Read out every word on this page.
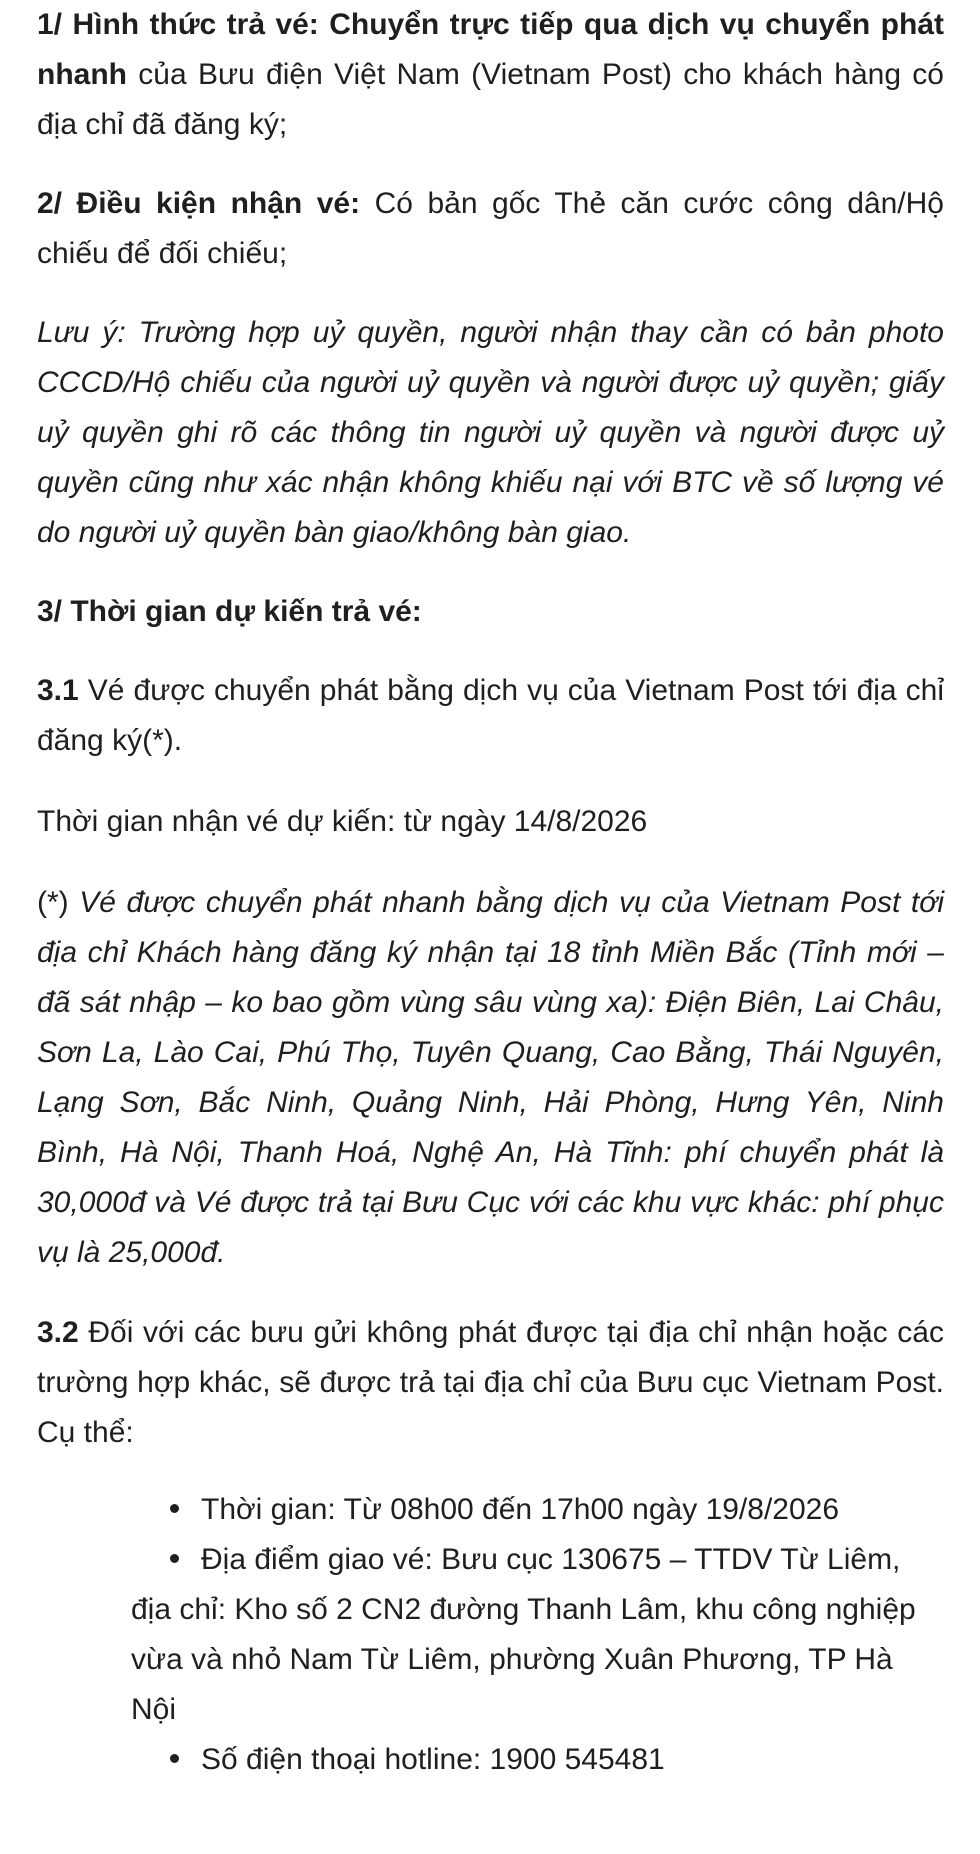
1/ Hình thức trả vé: Chuyển trực tiếp qua dịch vụ chuyển phát nhanh của Bưu điện Việt Nam (Vietnam Post) cho khách hàng có địa chỉ đã đăng ký;

2/ Điều kiện nhận vé: Có bản gốc Thẻ căn cước công dân/Hộ chiếu để đối chiếu;

Lưu ý: Trường hợp uỷ quyền, người nhận thay cần có bản photo CCCD/Hộ chiếu của người uỷ quyền và người được uỷ quyền; giấy uỷ quyền ghi rõ các thông tin người uỷ quyền và người được uỷ quyền cũng như xác nhận không khiếu nại với BTC về số lượng vé do người uỷ quyền bàn giao/không bàn giao.

3/ Thời gian dự kiến trả vé:

3.1 Vé được chuyển phát bằng dịch vụ của Vietnam Post tới địa chỉ đăng ký(*).

Thời gian nhận vé dự kiến: từ ngày 14/8/2026

(*) Vé được chuyển phát nhanh bằng dịch vụ của Vietnam Post tới địa chỉ Khách hàng đăng ký nhận tại 18 tỉnh Miền Bắc (Tỉnh mới – đã sát nhập – ko bao gồm vùng sâu vùng xa): Điện Biên, Lai Châu, Sơn La, Lào Cai, Phú Thọ, Tuyên Quang, Cao Bằng, Thái Nguyên, Lạng Sơn, Bắc Ninh, Quảng Ninh, Hải Phòng, Hưng Yên, Ninh Bình, Hà Nội, Thanh Hoá, Nghệ An, Hà Tĩnh: phí chuyển phát là 30,000đ và Vé được trả tại Bưu Cục với các khu vực khác: phí phục vụ là 25,000đ.

3.2 Đối với các bưu gửi không phát được tại địa chỉ nhận hoặc các trường hợp khác, sẽ được trả tại địa chỉ của Bưu cục Vietnam Post. Cụ thể:

Thời gian: Từ 08h00 đến 17h00 ngày 19/8/2026
Địa điểm giao vé: Bưu cục 130675 – TTDV Từ Liêm, địa chỉ: Kho số 2 CN2 đường Thanh Lâm, khu công nghiệp vừa và nhỏ Nam Từ Liêm, phường Xuân Phương, TP Hà Nội
Số điện thoại hotline: 1900 545481
